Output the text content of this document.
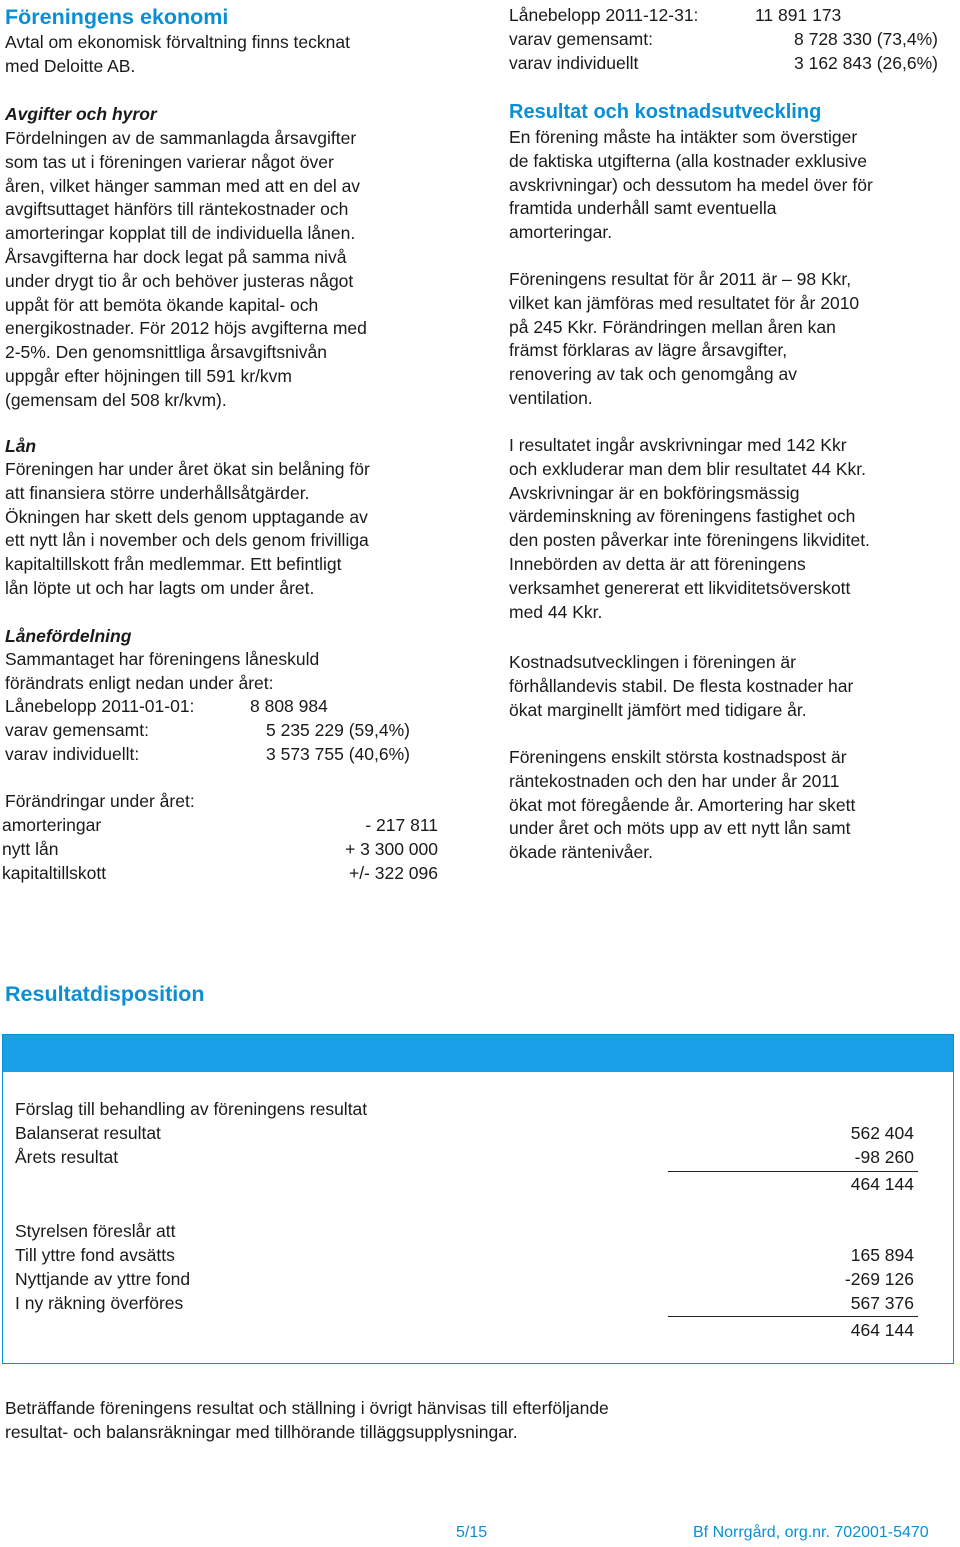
Föreningens ekonomi
Avtal om ekonomisk förvaltning finns tecknat
med Deloitte AB.
Avgifter och hyror
Fördelningen av de sammanlagda årsavgifter
som tas ut i föreningen varierar något över
åren, vilket hänger samman med att en del av
avgiftsuttaget hänförs till räntekostnader och
amorteringar kopplat till de individuella lånen.
Årsavgifterna har dock legat på samma nivå
under drygt tio år och behöver justeras något
uppåt för att bemöta ökande kapital- och
energikostnader. För 2012 höjs avgifterna med
2-5%. Den genomsnittliga årsavgiftsnivån
uppgår efter höjningen till 591 kr/kvm
(gemensam del 508 kr/kvm).
Lån
Föreningen har under året ökat sin belåning för
att finansiera större underhållsåtgärder.
Ökningen har skett dels genom upptagande av
ett nytt lån i november och dels genom frivilliga
kapitaltillskott från medlemmar. Ett befintligt
lån löpte ut och har lagts om under året.
Lånefördelning
Sammantaget har föreningens låneskuld
förändrats enligt nedan under året:
Lånebelopp 2011-01-01:	8 808 984
varav gemensamt:	5 235 229 (59,4%)
varav individuellt:	3 573 755 (40,6%)
Förändringar under året:
amorteringar	- 217 811
nytt lån	+ 3 300 000
kapitaltillskott	+/- 322 096
Lånebelopp 2011-12-31:	11 891 173
varav gemensamt:	8 728 330 (73,4%)
varav individuellt	3 162 843 (26,6%)
Resultat och kostnadsutveckling
En förening måste ha intäkter som överstiger
de faktiska utgifterna (alla kostnader exklusive
avskrivningar) och dessutom ha medel över för
framtida underhåll samt eventuella
amorteringar.
Föreningens resultat för år 2011 är – 98 Kkr,
vilket kan jämföras med resultatet för år 2010
på 245 Kkr. Förändringen mellan åren kan
främst förklaras av lägre årsavgifter,
renovering av tak och genomgång av
ventilation.
I resultatet ingår avskrivningar med 142 Kkr
och exkluderar man dem blir resultatet 44 Kkr.
Avskrivningar är en bokföringsmässig
värdeminskning av föreningens fastighet och
den posten påverkar inte föreningens likviditet.
Innebörden av detta är att föreningens
verksamhet genererat ett likviditetsöverskott
med 44 Kkr.
Kostnadsutvecklingen i föreningen är
förhållandevis stabil. De flesta kostnader har
ökat marginellt jämfört med tidigare år.
Föreningens enskilt största kostnadspost är
räntekostnaden och den har under år 2011
ökat mot föregående år. Amortering har skett
under året och möts upp av ett nytt lån samt
ökade räntenivåer.
Resultatdisposition
Förslag till behandling av föreningens resultat
Balanserat resultat	562 404
Årets resultat	-98 260
464 144
Styrelsen föreslår att
Till yttre fond avsätts	165 894
Nyttjande av yttre fond	-269 126
I ny räkning överföres	567 376
464 144
Beträffande föreningens resultat och ställning i övrigt hänvisas till efterföljande
resultat- och balansräkningar med tillhörande tilläggsupplysningar.
5/15	Bf Norrgård, org.nr. 702001-5470
